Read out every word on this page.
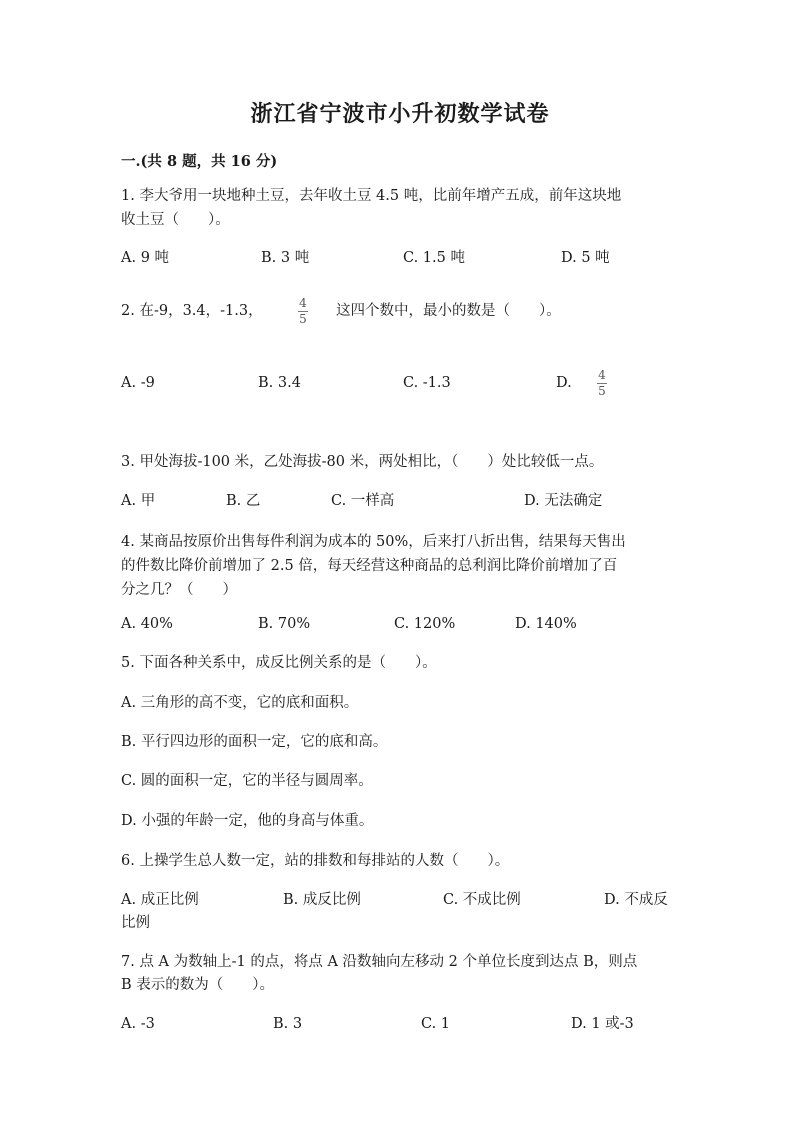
浙江省宁波市小升初数学试卷
一.(共 8 题，共 16 分)
1. 李大爷用一块地种土豆，去年收土豆 4.5 吨，比前年增产五成，前年这块地
收土豆（　　）。
A. 9 吨	B. 3 吨	C. 1.5 吨	D. 5 吨
2. 在-9，3.4，-1.3，	4
5 这四个数中，最小的数是（　　）。
A. -9	B. 3.4	C. -1.3	D. 4
5
3. 甲处海拔-100 米，乙处海拔-80 米，两处相比，（　　）处比较低一点。
A. 甲	B. 乙	C. 一样高	D. 无法确定
4. 某商品按原价出售每件利润为成本的 50%，后来打八折出售，结果每天售出
的件数比降价前增加了 2.5 倍，每天经营这种商品的总利润比降价前增加了百
分之几？（　　）
A. 40%	B. 70%	C. 120%	D. 140%
5. 下面各种关系中，成反比例关系的是（　　）。
A. 三角形的高不变，它的底和面积。
B. 平行四边形的面积一定，它的底和高。
C. 圆的面积一定，它的半径与圆周率。
D. 小强的年龄一定，他的身高与体重。
6. 上操学生总人数一定，站的排数和每排站的人数（　　）。
A. 成正比例	B. 成反比例	C. 不成比例	D. 不成反
比例
7. 点 A 为数轴上-1 的点，将点 A 沿数轴向左移动 2 个单位长度到达点 B，则点
B 表示的数为（　　）。
A. -3	B. 3	C. 1	D. 1 或-3
